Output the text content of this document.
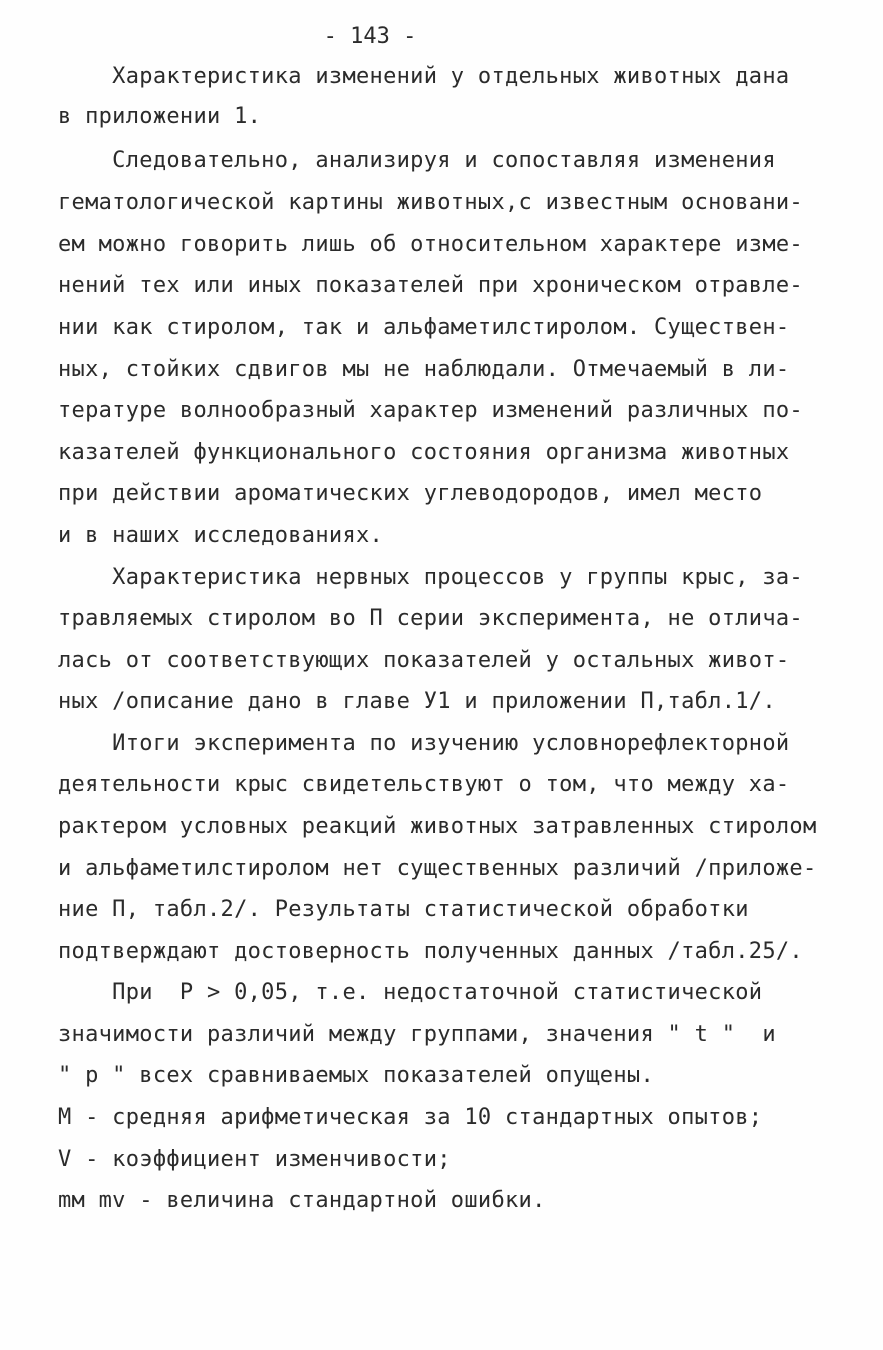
- 143 -
Характеристика изменений у отдельных животных дана
в приложении 1.
Следовательно, анализируя и сопоставляя изменения
гематологической картины животных,с известным основани-
ем можно говорить лишь об относительном характере изме-
нений тех или иных показателей при хроническом отравле-
нии как стиролом, так и альфаметилстиролом. Существен-
ных, стойких сдвигов мы не наблюдали. Отмечаемый в ли-
тературе волнообразный характер изменений различных по-
казателей функционального состояния организма животных
при действии ароматических углеводородов, имел место
и в наших исследованиях.
Характеристика нервных процессов у группы крыс, за-
травляемых стиролом во П серии эксперимента, не отлича-
лась от соответствующих показателей у остальных живот-
ных /описание дано в главе У1 и приложении П,табл.1/.
Итоги эксперимента по изучению условнорефлекторной
деятельности крыс свидетельствуют о том, что между ха-
рактером условных реакций животных затравленных стиролом
и альфаметилстиролом нет существенных различий /приложе-
ние П, табл.2/. Результаты статистической обработки
подтверждают достоверность полученных данных /табл.25/.
При  Р > 0,05, т.е. недостаточной статистической
значимости различий между группами, значения " t "  и
" р " всех сравниваемых показателей опущены.
М - средняя арифметическая за 10 стандартных опытов;
V - коэффициент изменчивости;
mм mv - величина стандартной ошибки.
